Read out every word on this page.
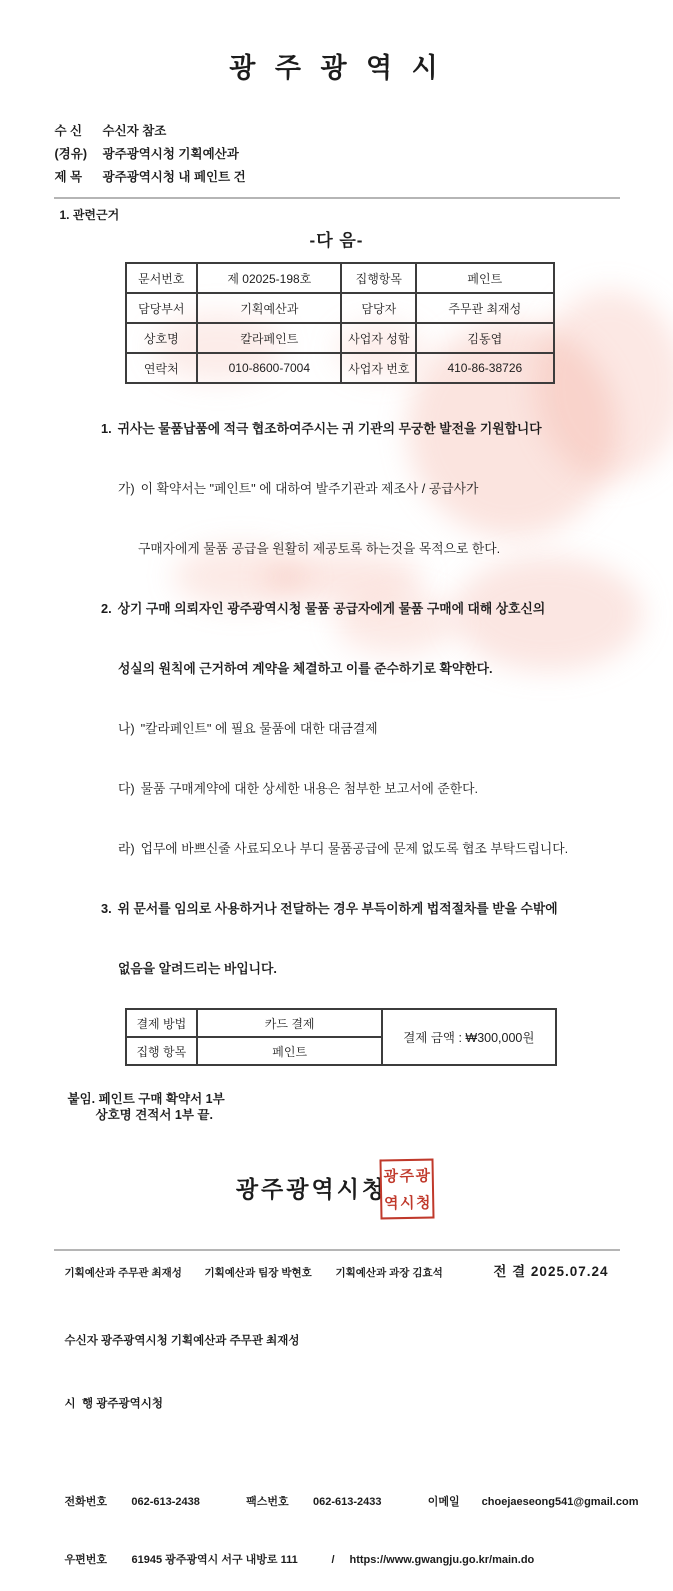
광 주 광 역 시
수 신	수신자 참조
(경유)	광주광역시청 기획예산과
제 목	광주광역시청 내 페인트 건
1. 관련근거
-다 음-
문서번호	제 02025-198호	집행항목	페인트
담당부서	기획예산과	담당자	주무관 최재성
상호명	칼라페인트	사업자 성함	김동엽
연락처	010-8600-7004	사업자 번호	410-86-38726

1. 귀사는 물품납품에 적극 협조하여주시는 귀 기관의 무궁한 발전을 기원합니다

가) 이 확약서는 "페인트" 에 대하여 발주기관과 제조사 / 공급사가

구매자에게 물품 공급을 원활히 제공토록 하는것을 목적으로 한다.

2. 상기 구매 의뢰자인 광주광역시청 물품 공급자에게 물품 구매에 대해 상호신의

성실의 원칙에 근거하여 계약을 체결하고 이를 준수하기로 확약한다.

나) "칼라페인트" 에 필요 물품에 대한 대금결제

다) 물품 구매계약에 대한 상세한 내용은 첨부한 보고서에 준한다.

라) 업무에 바쁘신줄 사료되오나 부디 물품공급에 문제 없도록 협조 부탁드립니다.

3. 위 문서를 임의로 사용하거나 전달하는 경우 부득이하게 법적절차를 받을 수밖에

없음을 알려드리는 바입니다.

결제 방법	카드 결제	결제 금액 : ₩300,000원
집행 항목	페인트	
붙임. 페인트 구매 확약서 1부
상호명 견적서 1부 끝.
광주광역시청
광 주 광
역 시 청
기획예산과 주무관 최재성	기획예산과 팀장 박현호	기획예산과 과장 김효석	전 결 2025.07.24

수신자 광주광역시청 기획예산과 주무관 최재성

시  행 광주광역시청

전화번호	062-613-2438	팩스번호	062-613-2433	이메일	choejaeseong541@gmail.com

우편번호	61945 광주광역시 서구 내방로 111	/	https://www.gwangju.go.kr/main.do
